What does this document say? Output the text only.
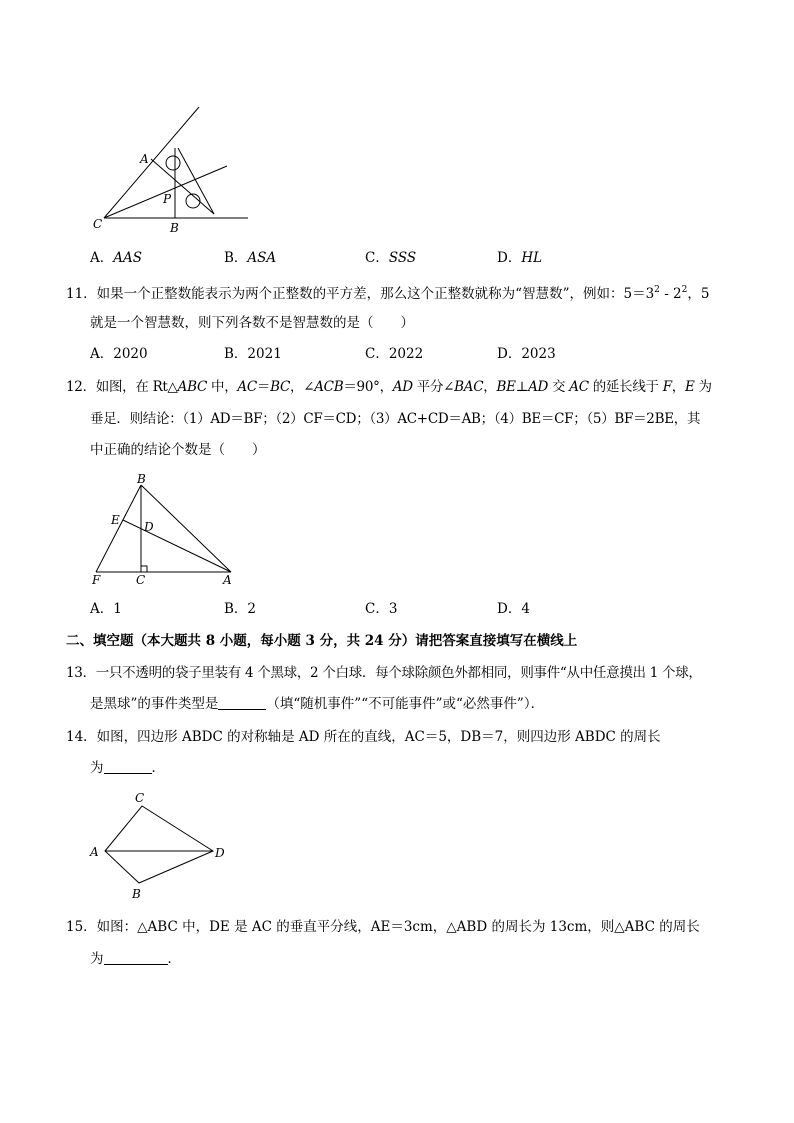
A
P
C	B
A．AAS	B．ASA	C．SSS	D．HL
11．如果一个正整数能表示为两个正整数的平方差，那么这个正整数就称为“智慧数”，例如：$5=3^2 - 2^2$，5
就是一个智慧数，则下列各数不是智慧数的是（　　）
A．2020	B．2021	C．2022	D．2023
12．如图，在 Rt△ABC 中，AC＝BC，∠ACB＝90°，AD 平分∠BAC，BE⊥AD 交 AC 的延长线于 F，E 为
垂足．则结论：（1）AD＝BF；（2）CF＝CD；（3）AC+CD＝AB；（4）BE＝CF；（5）BF＝2BE，其
中正确的结论个数是（　　）
B
E D
F	C	A
A．1	B．2	C．3	D．4
二、填空题（本大题共 8 小题，每小题 3 分，共 24 分）请把答案直接填写在横线上
13．一只不透明的袋子里装有 4 个黑球，2 个白球．每个球除颜色外都相同，则事件“从中任意摸出 1 个球，
是黑球”的事件类型是	（填“随机事件”“不可能事件”或“必然事件”）．
14．如图，四边形 ABDC 的对称轴是 AD 所在的直线，AC＝5，DB＝7，则四边形 ABDC 的周长
为	．
C
A	D
B
15．如图：△ABC 中，DE 是 AC 的垂直平分线，AE＝3cm，△ABD 的周长为 13cm，则△ABC 的周长
为	．
